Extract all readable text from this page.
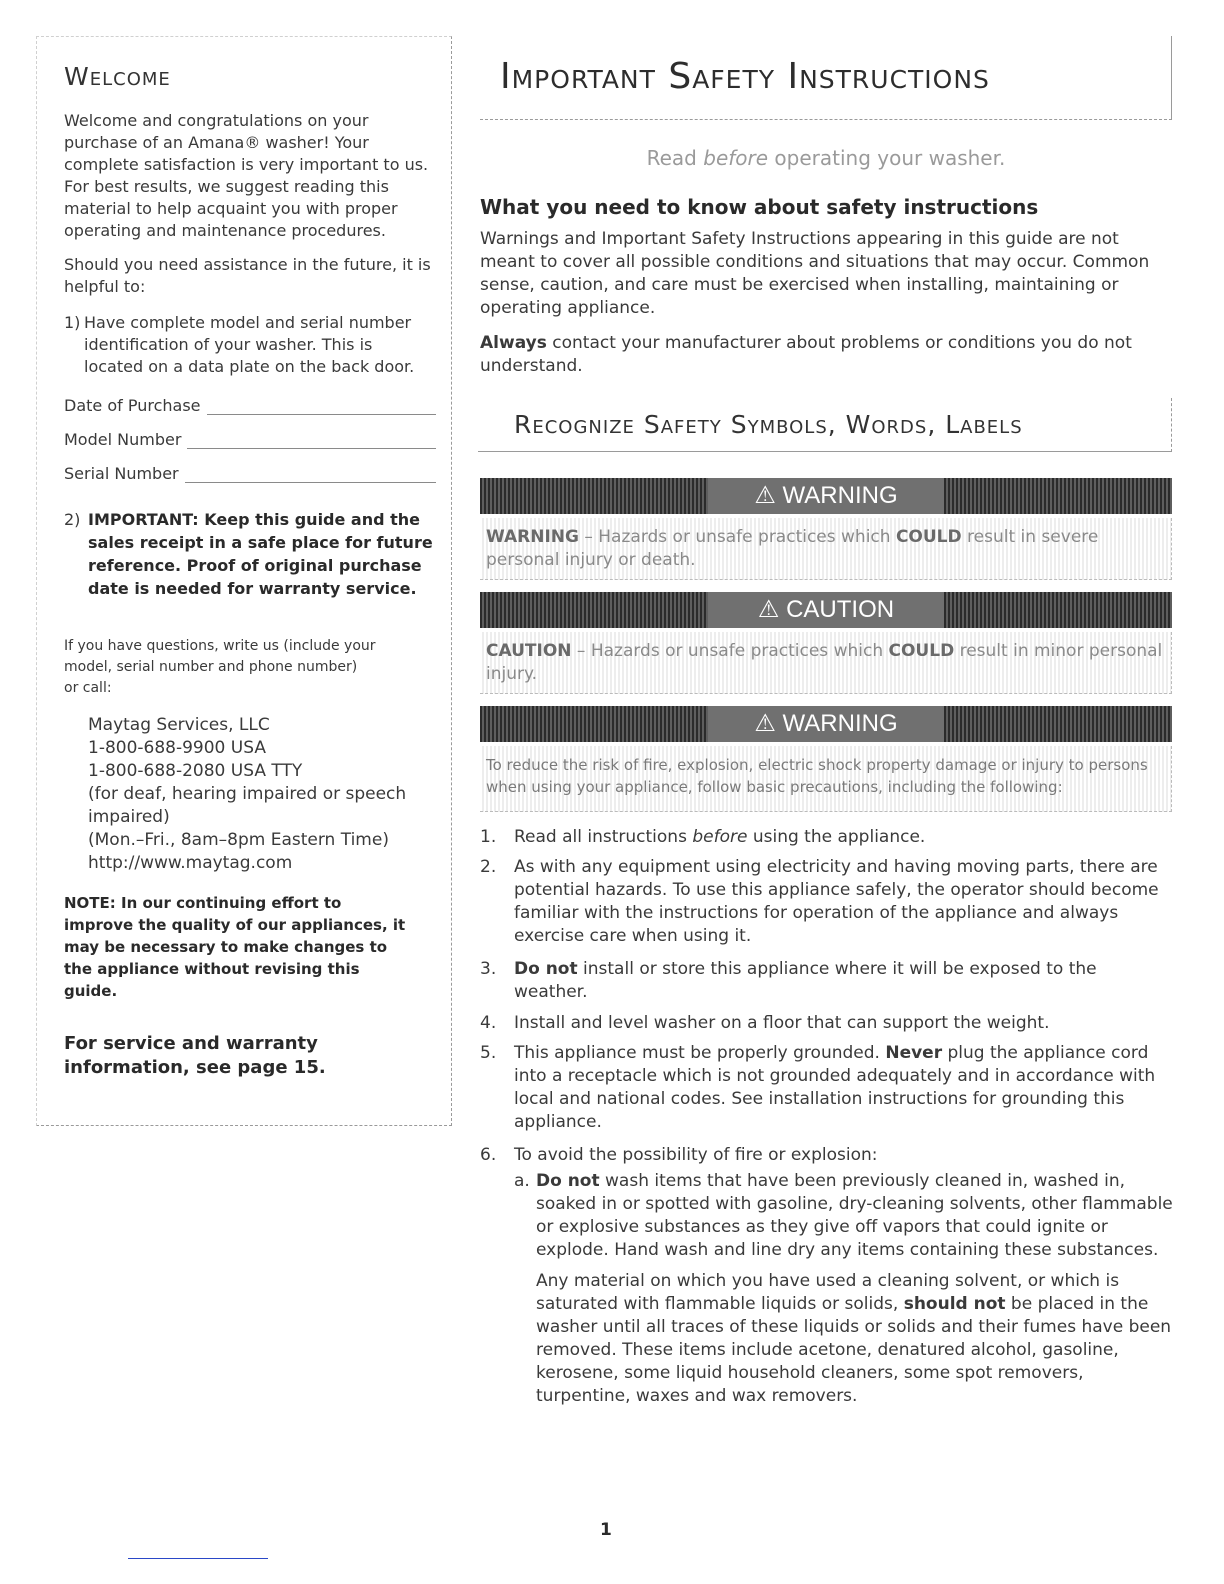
Welcome
Welcome and congratulations on your purchase of an Amana® washer! Your complete satisfaction is very important to us. For best results, we suggest reading this material to help acquaint you with proper operating and maintenance procedures.
Should you need assistance in the future, it is helpful to:
1) Have complete model and serial number identification of your washer. This is located on a data plate on the back door.
Date of Purchase
Model Number
Serial Number
2) IMPORTANT: Keep this guide and the sales receipt in a safe place for future reference. Proof of original purchase date is needed for warranty service.
If you have questions, write us (include your model, serial number and phone number)
or call:
Maytag Services, LLC
1-800-688-9900 USA
1-800-688-2080 USA TTY
(for deaf, hearing impaired or speech
impaired)
(Mon.–Fri., 8am–8pm Eastern Time)
http://www.maytag.com
NOTE: In our continuing effort to improve the quality of our appliances, it may be necessary to make changes to the appliance without revising this guide.
For service and warranty information, see page 15.
Important Safety Instructions
Read before operating your washer.
What you need to know about safety instructions
Warnings and Important Safety Instructions appearing in this guide are not meant to cover all possible conditions and situations that may occur. Common sense, caution, and care must be exercised when installing, maintaining or operating appliance.
Always contact your manufacturer about problems or conditions you do not understand.
Recognize Safety Symbols, Words, Labels
⚠ WARNING
WARNING – Hazards or unsafe practices which COULD result in severe personal injury or death.
⚠ CAUTION
CAUTION – Hazards or unsafe practices which COULD result in minor personal injury.
⚠ WARNING
To reduce the risk of fire, explosion, electric shock property damage or injury to persons when using your appliance, follow basic precautions, including the following:
1.	Read all instructions before using the appliance.
2.	As with any equipment using electricity and having moving parts, there are potential hazards. To use this appliance safely, the operator should become familiar with the instructions for operation of the appliance and always exercise care when using it.
3.	Do not install or store this appliance where it will be exposed to the weather.
4.	Install and level washer on a floor that can support the weight.
5.	This appliance must be properly grounded. Never plug the appliance cord into a receptacle which is not grounded adequately and in accordance with local and national codes. See installation instructions for grounding this appliance.
6.	To avoid the possibility of fire or explosion:
a. Do not wash items that have been previously cleaned in, washed in, soaked in or spotted with gasoline, dry-cleaning solvents, other flammable or explosive substances as they give off vapors that could ignite or explode. Hand wash and line dry any items containing these substances.
Any material on which you have used a cleaning solvent, or which is saturated with flammable liquids or solids, should not be placed in the washer until all traces of these liquids or solids and their fumes have been removed. These items include acetone, denatured alcohol, gasoline, kerosene, some liquid household cleaners, some spot removers, turpentine, waxes and wax removers.
1
